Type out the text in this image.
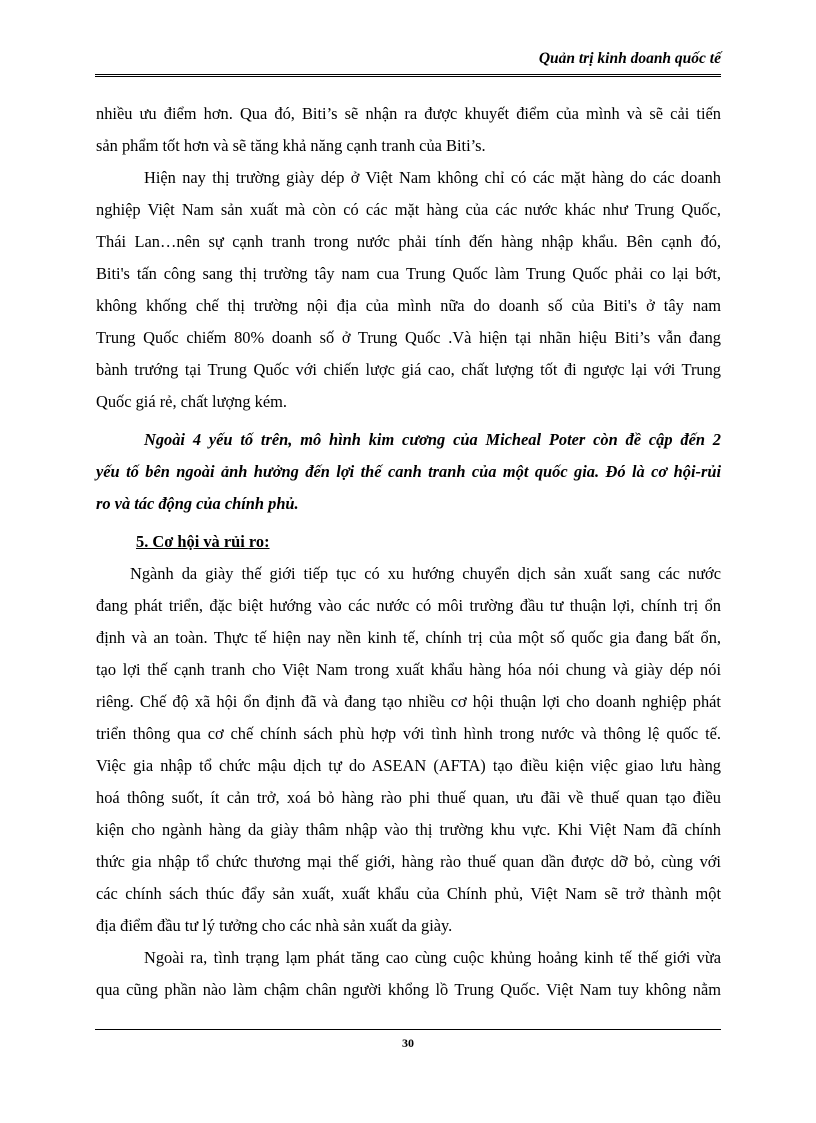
Quản trị kinh doanh quốc tế
nhiều ưu điểm hơn. Qua đó, Biti’s sẽ nhận ra được khuyết điểm của mình và sẽ cải tiến
sản phẩm tốt hơn và sẽ tăng khả năng cạnh tranh của Biti’s.
Hiện nay thị trường giày dép ở Việt Nam không chỉ có các mặt hàng do các doanh
nghiệp Việt Nam sản xuất mà còn có các mặt hàng của các nước khác như Trung Quốc,
Thái Lan…nên sự cạnh tranh trong nước phải tính đến hàng nhập khẩu. Bên cạnh đó,
Biti's tấn công sang thị trường tây nam cua Trung Quốc làm Trung Quốc phải co lại bớt,
không khống chế thị trường nội địa của mình nữa do doanh số của Biti's ở tây nam
Trung Quốc chiếm 80% doanh số ở Trung Quốc .Và hiện tại nhãn hiệu Biti’s vẫn đang
bành trướng tại Trung Quốc với chiến lược giá cao, chất lượng tốt đi ngược lại với Trung
Quốc giá rẻ, chất lượng kém.
Ngoài 4 yếu tố trên, mô hình kim cương của Micheal Poter còn đề cập đến 2
yếu tố bên ngoài ảnh hưởng đến lợi thế canh tranh của một quốc gia. Đó là cơ hội-rủi
ro và tác động của chính phủ.
5. Cơ hội và rủi ro:
Ngành da giày thế giới tiếp tục có xu hướng chuyển dịch sản xuất sang các nước
đang phát triển, đặc biệt hướng vào các nước có môi trường đầu tư thuận lợi, chính trị ổn
định và an toàn. Thực tế hiện nay nền kinh tế, chính trị của một số quốc gia đang bất ổn,
tạo lợi thế cạnh tranh cho Việt Nam trong xuất khẩu hàng hóa nói chung và giày dép nói
riêng. Chế độ xã hội ổn định đã và đang tạo nhiều cơ hội thuận lợi cho doanh nghiệp phát
triển thông qua cơ chế chính sách phù hợp với tình hình trong nước và thông lệ quốc tế.
Việc gia nhập tổ chức mậu dịch tự do ASEAN (AFTA) tạo điều kiện việc giao lưu hàng
hoá thông suốt, ít cản trở, xoá bỏ hàng rào phi thuế quan, ưu đãi về thuế quan tạo điều
kiện cho ngành hàng da giày thâm nhập vào thị trường khu vực. Khi Việt Nam đã chính
thức gia nhập tổ chức thương mại thế giới, hàng rào thuế quan dần được dỡ bỏ, cùng với
các chính sách thúc đẩy sản xuất, xuất khẩu của Chính phủ, Việt Nam sẽ trở thành một
địa điểm đầu tư lý tưởng cho các nhà sản xuất da giày.
Ngoài ra, tình trạng lạm phát tăng cao cùng cuộc khủng hoảng kinh tế thế giới vừa
qua cũng phần nào làm chậm chân người khổng lồ Trung Quốc. Việt Nam tuy không nằm
30
